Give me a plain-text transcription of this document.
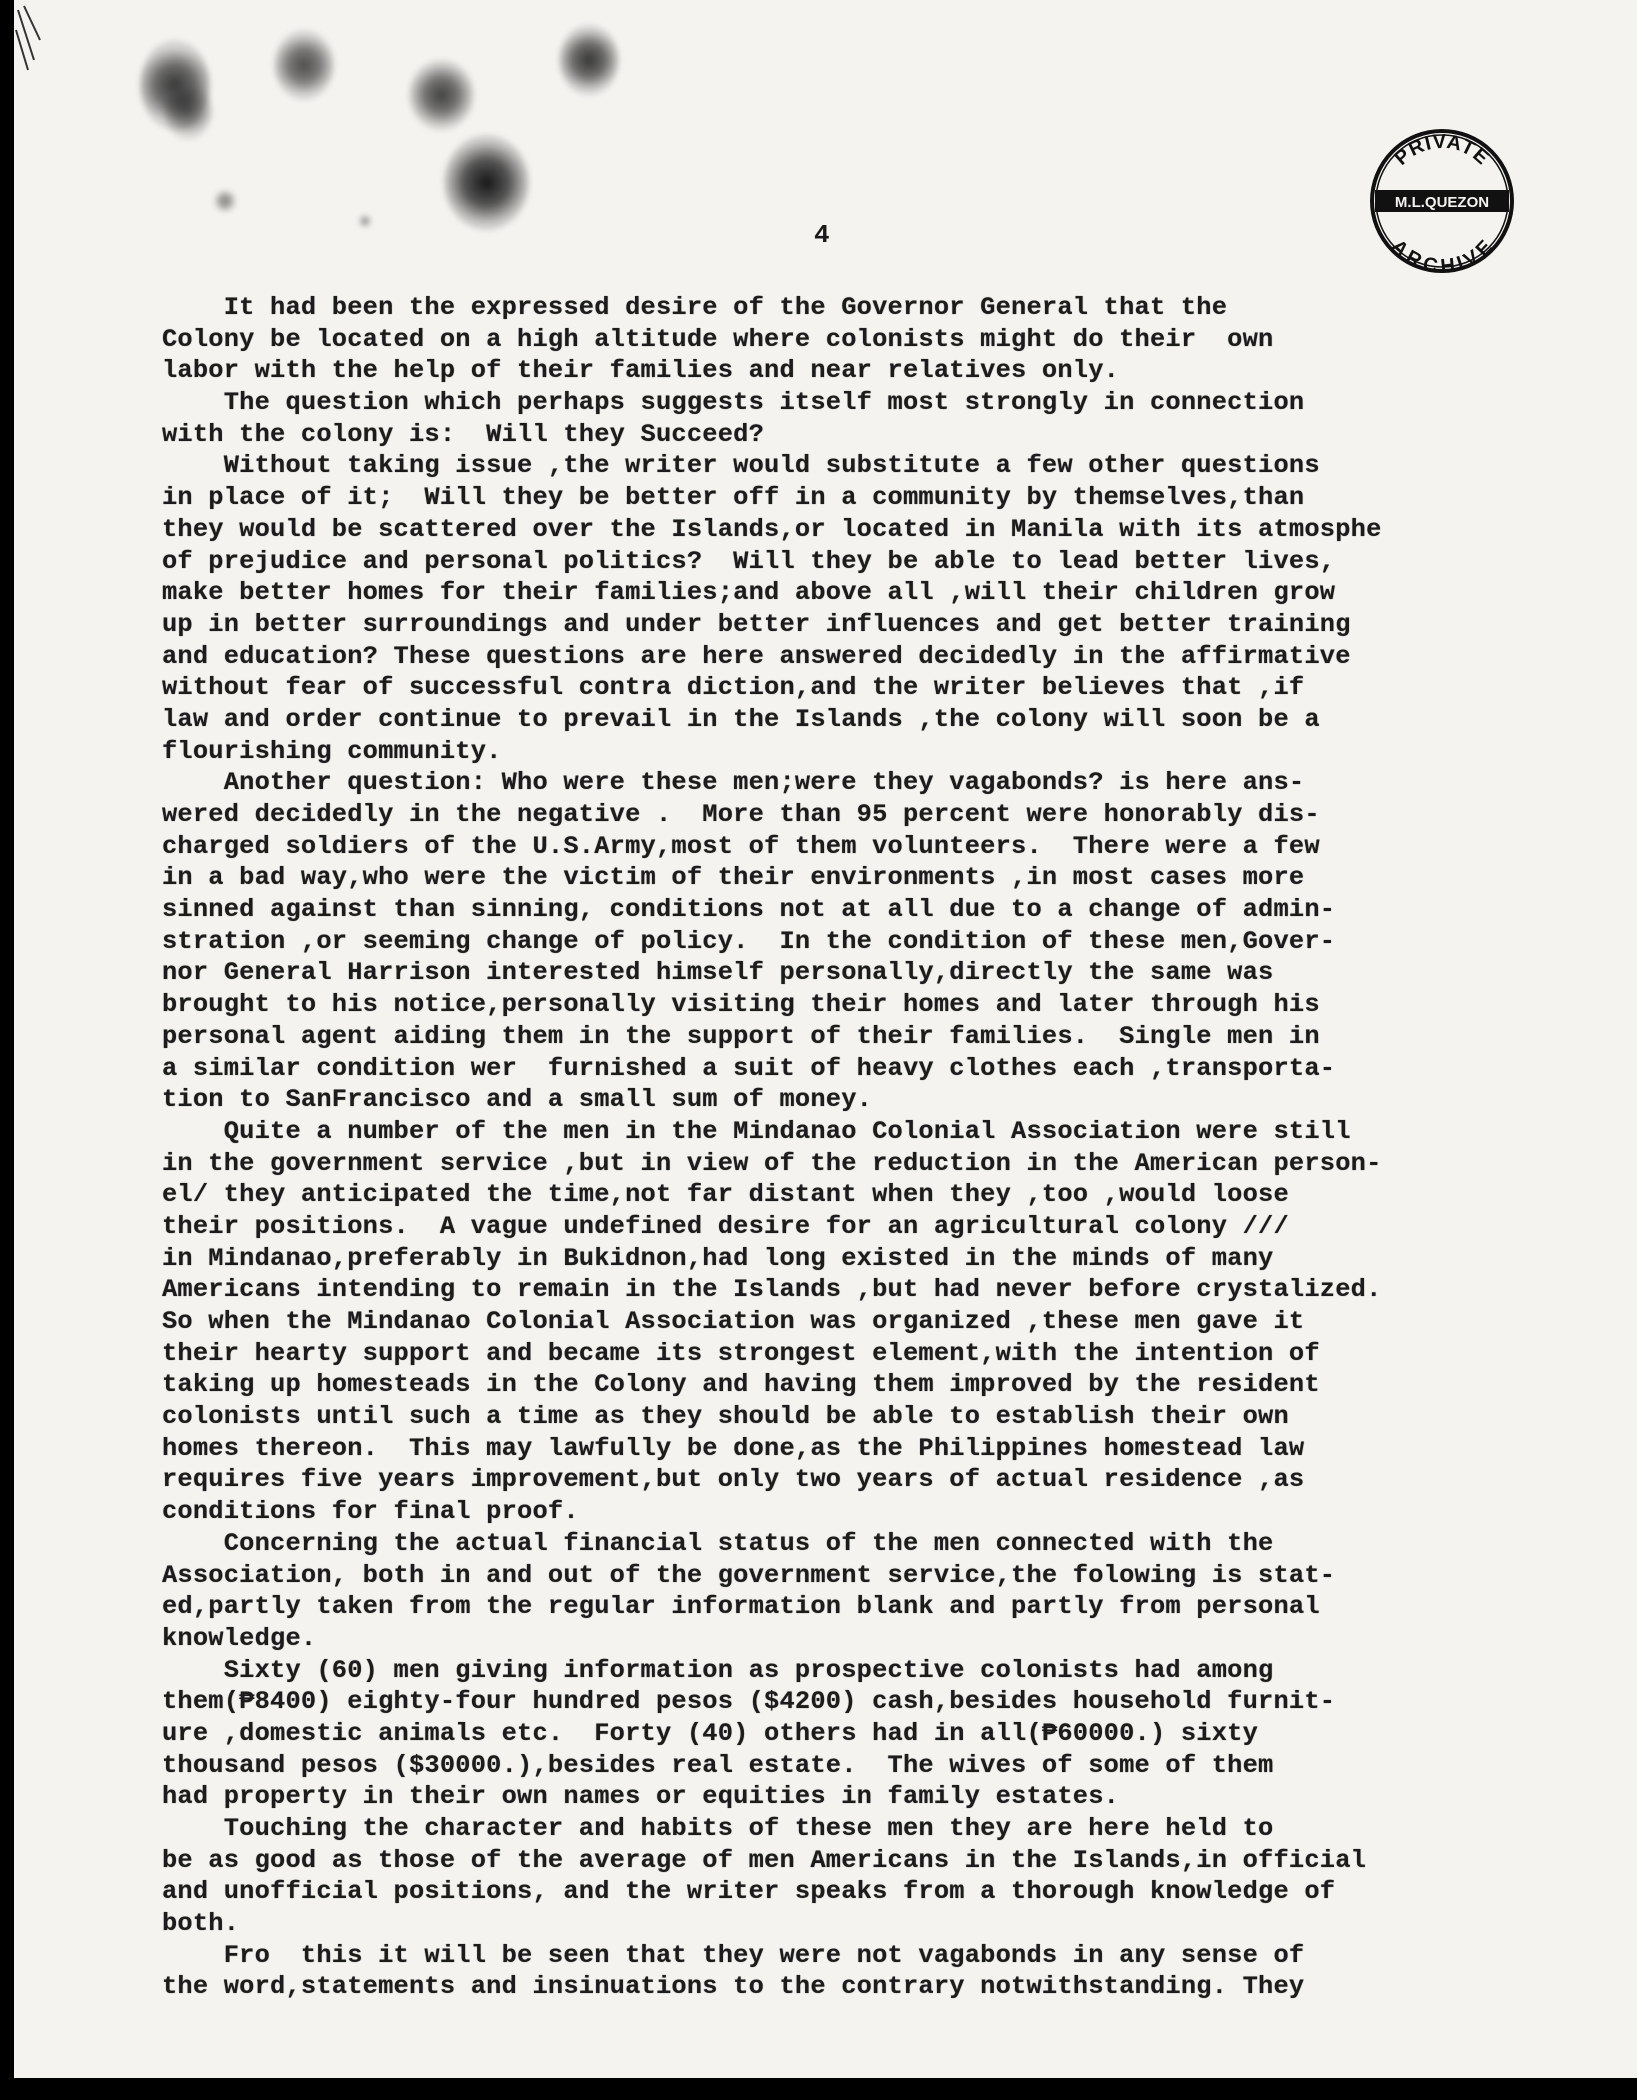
4
PRIVATE
M.L.QUEZON
ARCHIVE
It had been the expressed desire of the Governor General that the
Colony be located on a high altitude where colonists might do their  own
labor with the help of their families and near relatives only.
The question which perhaps suggests itself most strongly in connection
with the colony is:  Will they Succeed?
Without taking issue ,the writer would substitute a few other questions
in place of it;  Will they be better off in a community by themselves,than
they would be scattered over the Islands,or located in Manila with its atmosphe
of prejudice and personal politics?  Will they be able to lead better lives,
make better homes for their families;and above all ,will their children grow
up in better surroundings and under better influences and get better training
and education? These questions are here answered decidedly in the affirmative
without fear of successful contra diction,and the writer believes that ,if
law and order continue to prevail in the Islands ,the colony will soon be a
flourishing community.
Another question: Who were these men;were they vagabonds? is here ans-
wered decidedly in the negative .  More than 95 percent were honorably dis-
charged soldiers of the U.S.Army,most of them volunteers.  There were a few
in a bad way,who were the victim of their environments ,in most cases more
sinned against than sinning, conditions not at all due to a change of admin-
stration ,or seeming change of policy.  In the condition of these men,Gover-
nor General Harrison interested himself personally,directly the same was
brought to his notice,personally visiting their homes and later through his
personal agent aiding them in the support of their families.  Single men in
a similar condition wer  furnished a suit of heavy clothes each ,transporta-
tion to SanFrancisco and a small sum of money.
Quite a number of the men in the Mindanao Colonial Association were still
in the government service ,but in view of the reduction in the American person-
el/ they anticipated the time,not far distant when they ,too ,would loose
their positions.  A vague undefined desire for an agricultural colony ///
in Mindanao,preferably in Bukidnon,had long existed in the minds of many
Americans intending to remain in the Islands ,but had never before crystalized.
So when the Mindanao Colonial Association was organized ,these men gave it
their hearty support and became its strongest element,with the intention of
taking up homesteads in the Colony and having them improved by the resident
colonists until such a time as they should be able to establish their own
homes thereon.  This may lawfully be done,as the Philippines homestead law
requires five years improvement,but only two years of actual residence ,as
conditions for final proof.
Concerning the actual financial status of the men connected with the
Association, both in and out of the government service,the folowing is stat-
ed,partly taken from the regular information blank and partly from personal
knowledge.
Sixty (60) men giving information as prospective colonists had among
them(₱8400) eighty-four hundred pesos ($4200) cash,besides household furnit-
ure ,domestic animals etc.  Forty (40) others had in all(₱60000.) sixty
thousand pesos ($30000.),besides real estate.  The wives of some of them
had property in their own names or equities in family estates.
Touching the character and habits of these men they are here held to
be as good as those of the average of men Americans in the Islands,in official
and unofficial positions, and the writer speaks from a thorough knowledge of
both.
Fro  this it will be seen that they were not vagabonds in any sense of
the word,statements and insinuations to the contrary notwithstanding. They
